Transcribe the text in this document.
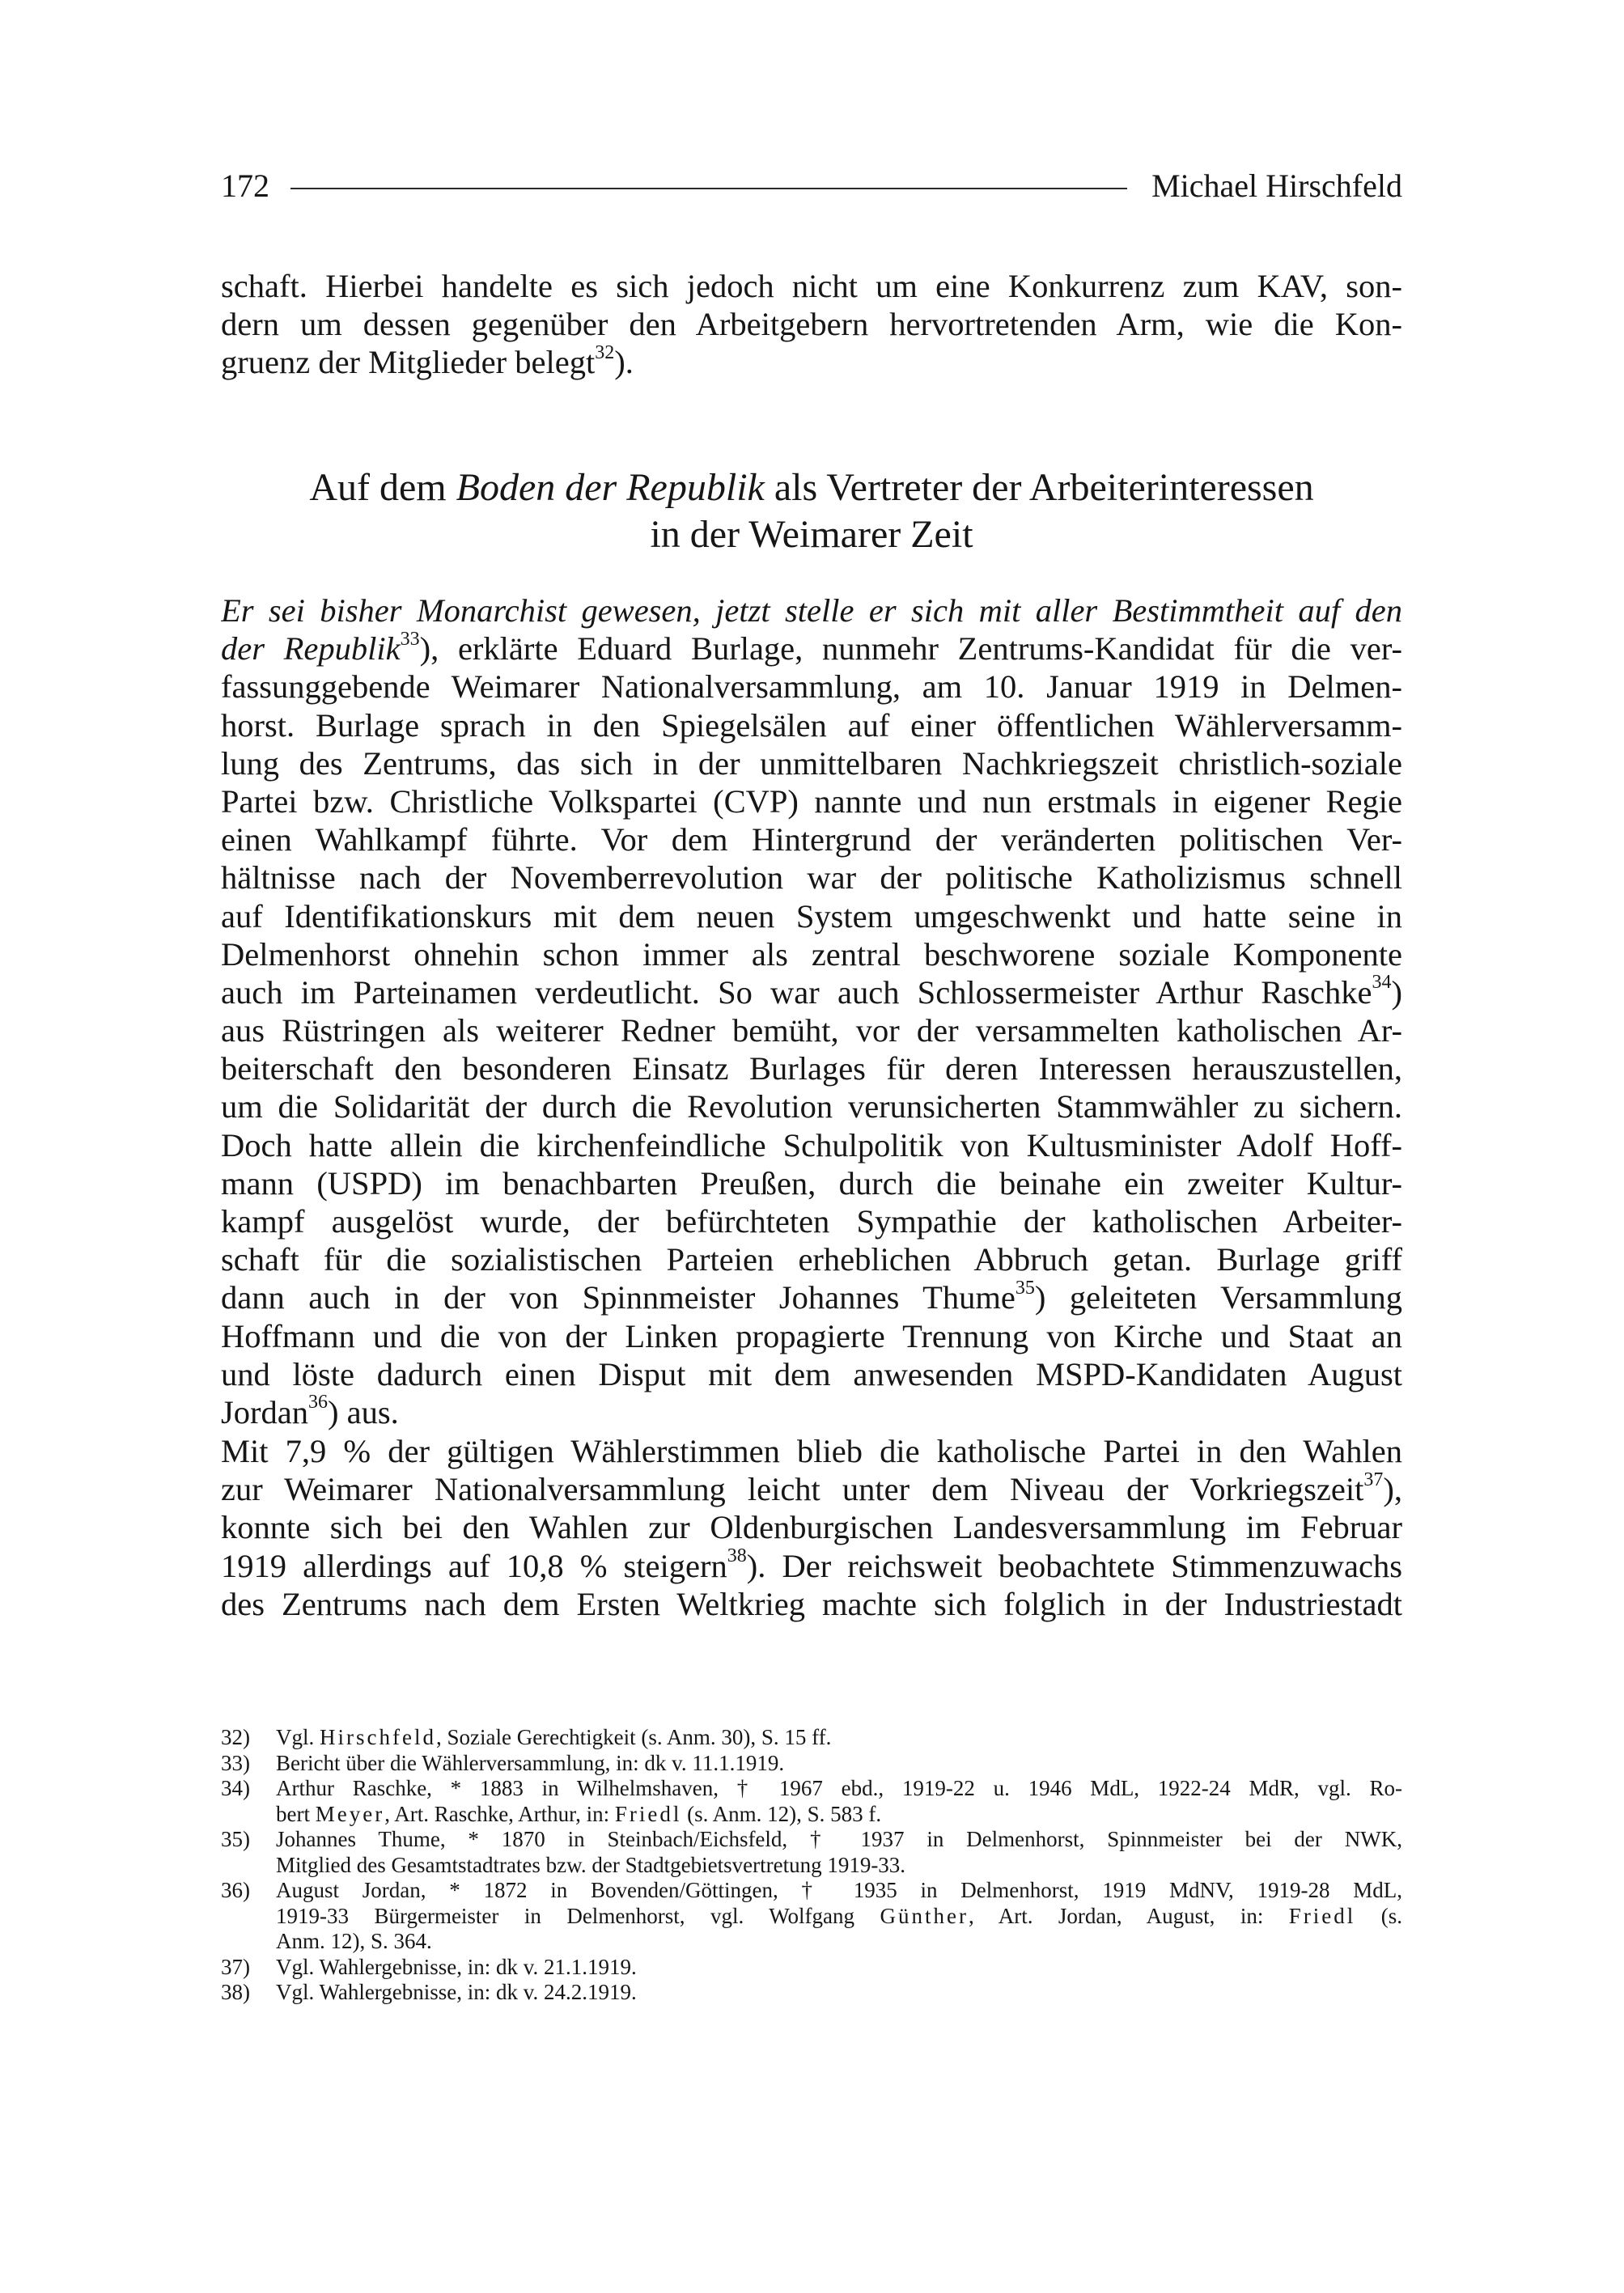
172	Michael Hirschfeld
schaft. Hierbei handelte es sich jedoch nicht um eine Konkurrenz zum KAV, son-
dern um dessen gegenüber den Arbeitgebern hervortretenden Arm, wie die Kon-
gruenz der Mitglieder belegt$^{32}$).
Auf dem Boden der Republik als Vertreter der Arbeiterinteressen
in der Weimarer Zeit
Er sei bisher Monarchist gewesen, jetzt stelle er sich mit aller Bestimmtheit auf den
der Republik$^{33}$), erklärte Eduard Burlage, nunmehr Zentrums-Kandidat für die ver-
fassunggebende Weimarer Nationalversammlung, am 10. Januar 1919 in Delmen-
horst. Burlage sprach in den Spiegelsälen auf einer öffentlichen Wählerversamm-
lung des Zentrums, das sich in der unmittelbaren Nachkriegszeit christlich-soziale
Partei bzw. Christliche Volkspartei (CVP) nannte und nun erstmals in eigener Regie
einen Wahlkampf führte. Vor dem Hintergrund der veränderten politischen Ver-
hältnisse nach der Novemberrevolution war der politische Katholizismus schnell
auf Identifikationskurs mit dem neuen System umgeschwenkt und hatte seine in
Delmenhorst ohnehin schon immer als zentral beschworene soziale Komponente
auch im Parteinamen verdeutlicht. So war auch Schlossermeister Arthur Raschke$^{34}$)
aus Rüstringen als weiterer Redner bemüht, vor der versammelten katholischen Ar-
beiterschaft den besonderen Einsatz Burlages für deren Interessen herauszustellen,
um die Solidarität der durch die Revolution verunsicherten Stammwähler zu sichern.
Doch hatte allein die kirchenfeindliche Schulpolitik von Kultusminister Adolf Hoff-
mann (USPD) im benachbarten Preußen, durch die beinahe ein zweiter Kultur-
kampf ausgelöst wurde, der befürchteten Sympathie der katholischen Arbeiter-
schaft für die sozialistischen Parteien erheblichen Abbruch getan. Burlage griff
dann auch in der von Spinnmeister Johannes Thume$^{35}$) geleiteten Versammlung
Hoffmann und die von der Linken propagierte Trennung von Kirche und Staat an
und löste dadurch einen Disput mit dem anwesenden MSPD-Kandidaten August
Jordan$^{36}$) aus.
Mit 7,9 % der gültigen Wählerstimmen blieb die katholische Partei in den Wahlen
zur Weimarer Nationalversammlung leicht unter dem Niveau der Vorkriegszeit$^{37}$),
konnte sich bei den Wahlen zur Oldenburgischen Landesversammlung im Februar
1919 allerdings auf 10,8 % steigern$^{38}$). Der reichsweit beobachtete Stimmenzuwachs
des Zentrums nach dem Ersten Weltkrieg machte sich folglich in der Industriestadt
32)	Vgl. Hirschfeld, Soziale Gerechtigkeit (s. Anm. 30), S. 15 ff.
33)	Bericht über die Wählerversammlung, in: dk v. 11.1.1919.
34)	Arthur Raschke, * 1883 in Wilhelmshaven, † 1967 ebd., 1919-22 u. 1946 MdL, 1922-24 MdR, vgl. Ro-
bert Meyer, Art. Raschke, Arthur, in: Friedl (s. Anm. 12), S. 583 f.
35)	Johannes Thume, * 1870 in Steinbach/Eichsfeld, † 1937 in Delmenhorst, Spinnmeister bei der NWK,
Mitglied des Gesamtstadtrates bzw. der Stadtgebietsvertretung 1919-33.
36)	August Jordan, * 1872 in Bovenden/Göttingen, † 1935 in Delmenhorst, 1919 MdNV, 1919-28 MdL,
1919-33 Bürgermeister in Delmenhorst, vgl. Wolfgang Günther, Art. Jordan, August, in: Friedl (s.
Anm. 12), S. 364.
37)	Vgl. Wahlergebnisse, in: dk v. 21.1.1919.
38)	Vgl. Wahlergebnisse, in: dk v. 24.2.1919.
